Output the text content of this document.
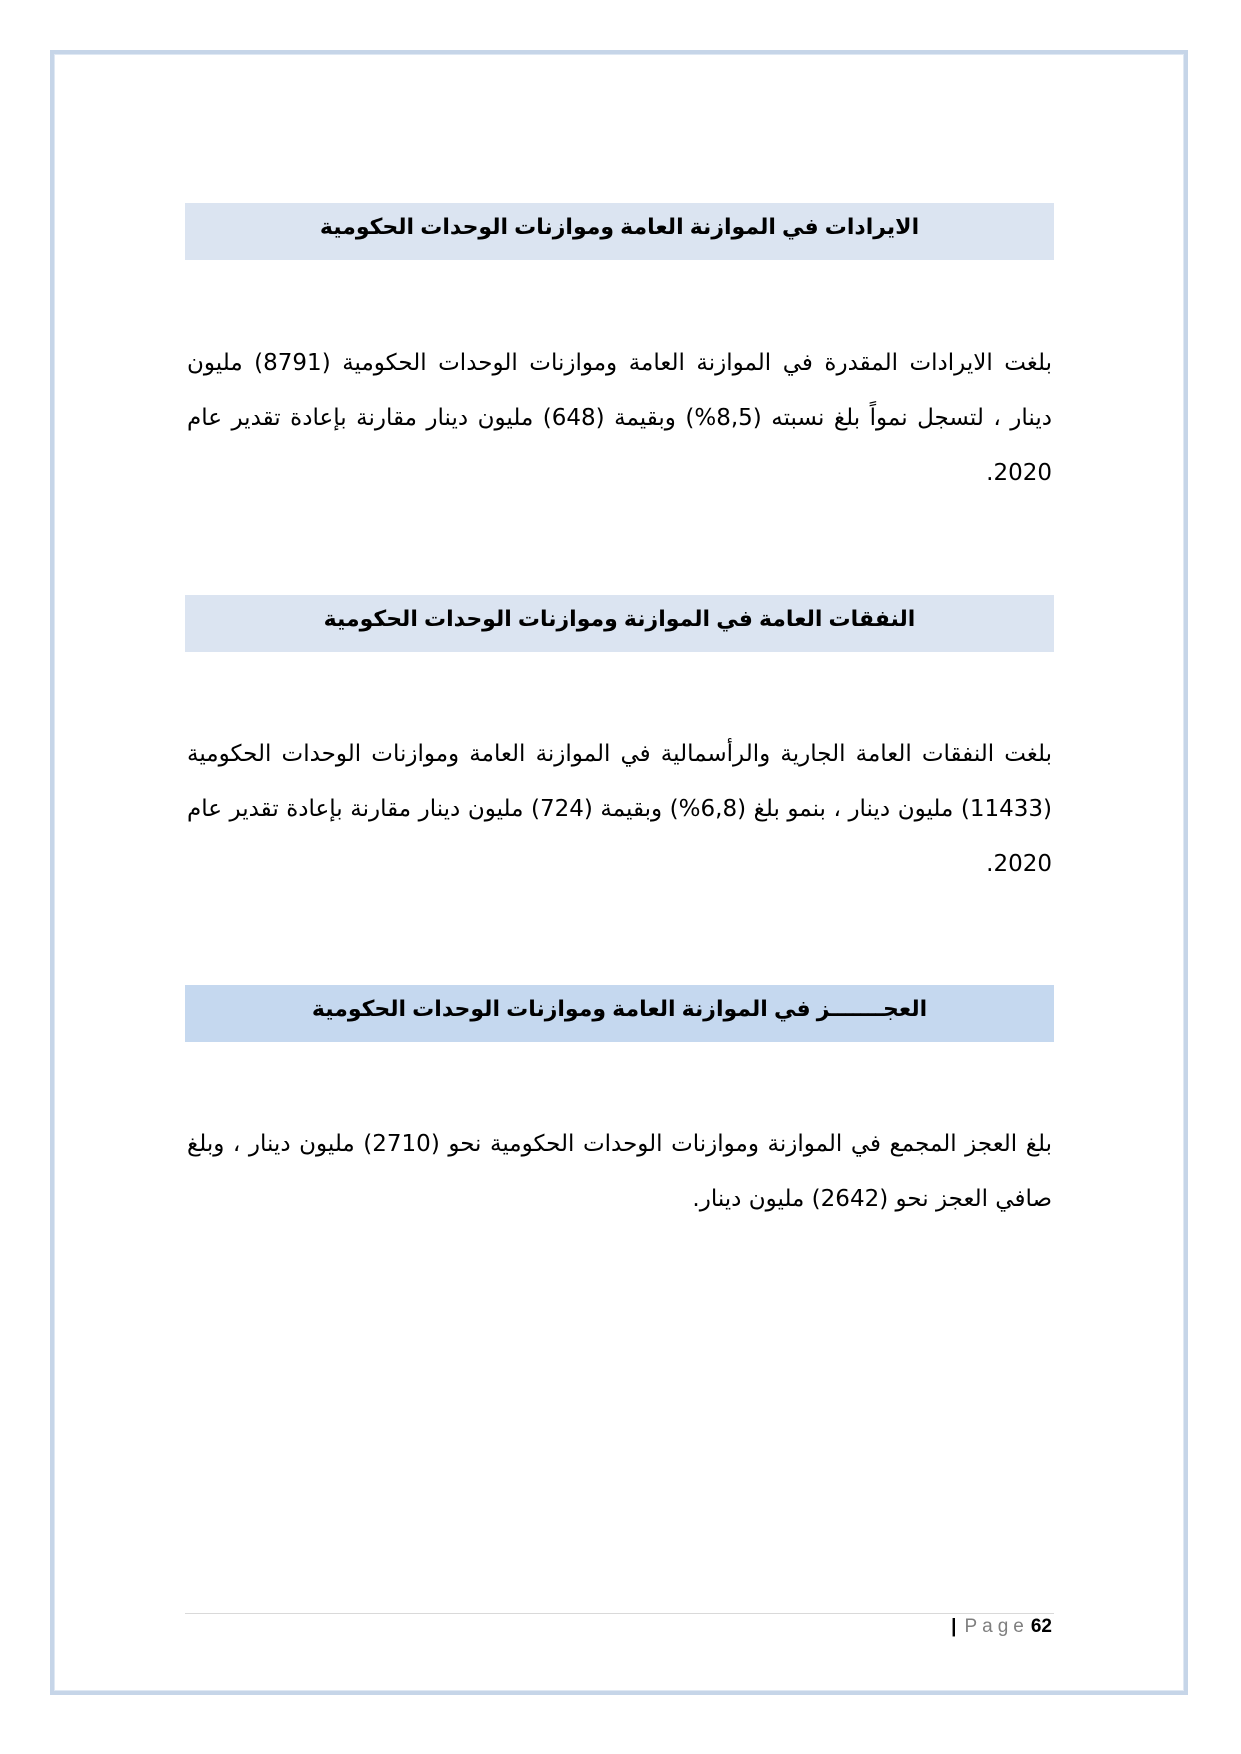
الايرادات في الموازنة العامة وموازنات الوحدات الحكومية

بلغت الايرادات المقدرة في الموازنة العامة وموازنات الوحدات الحكومية (8791) مليون دينار ، لتسجل نمواً بلغ نسبته (8,5%) وبقيمة (648) مليون دينار مقارنة بإعادة تقدير عام 2020.

النفقات العامة في الموازنة وموازنات الوحدات الحكومية

بلغت النفقات العامة الجارية والرأسمالية في الموازنة العامة وموازنات الوحدات الحكومية (11433) مليون دينار ، بنمو بلغ (6,8%) وبقيمة (724) مليون دينار مقارنة بإعادة تقدير عام 2020.

العجـــــــز في الموازنة العامة وموازنات الوحدات الحكومية

بلغ العجز المجمع في الموازنة وموازنات الوحدات الحكومية نحو (2710) مليون دينار ، وبلغ صافي العجز نحو (2642) مليون دينار.

| Page 62
